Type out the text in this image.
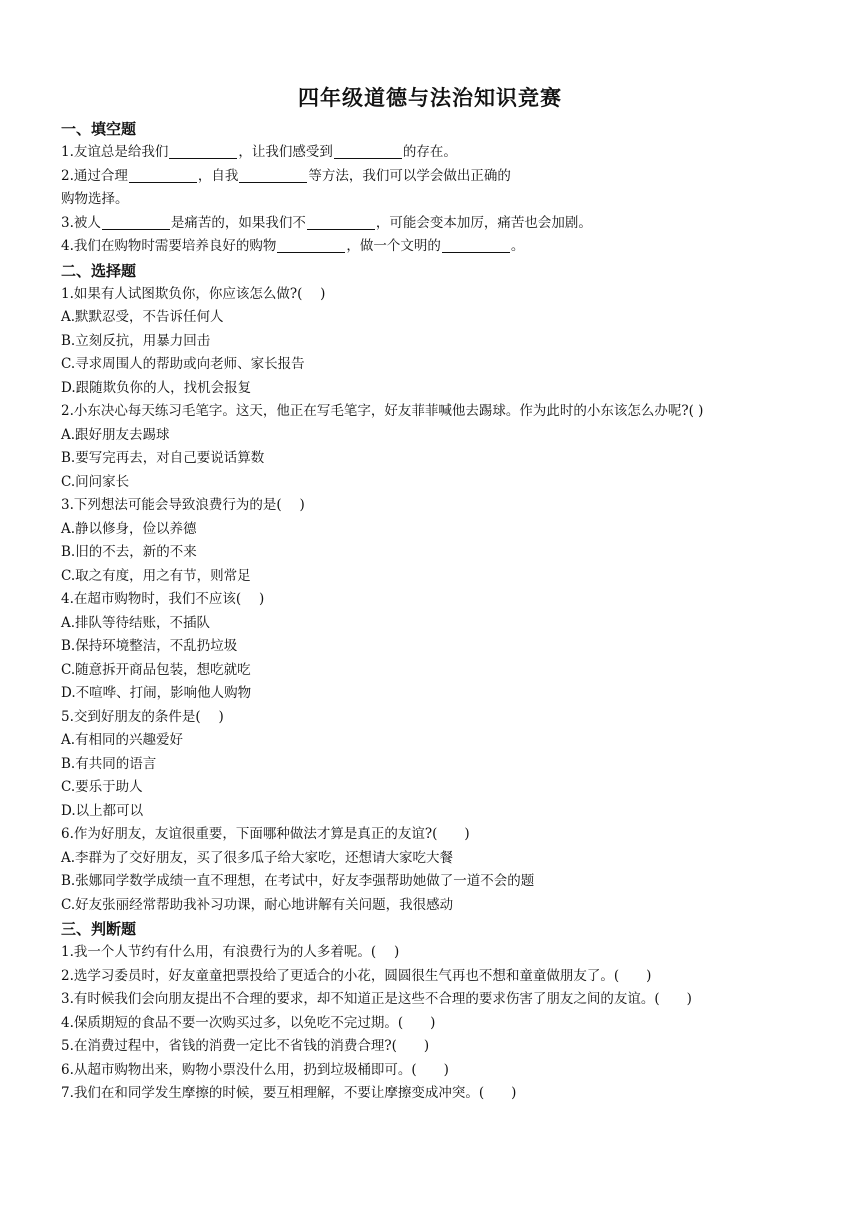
四年级道德与法治知识竞赛
一、填空题
1.友谊总是给我们	，让我们感受到	的存在。
2.通过合理	，自我	等方法，我们可以学会做出正确的
购物选择。
3.被人	是痛苦的，如果我们不	，可能会变本加厉，痛苦也会加剧。
4.我们在购物时需要培养良好的购物	，做一个文明的	。
二、选择题
1.如果有人试图欺负你，你应该怎么做?(　 )
A.默默忍受，不告诉任何人
B.立刻反抗，用暴力回击
C.寻求周围人的帮助或向老师、家长报告
D.跟随欺负你的人，找机会报复
2.小东决心每天练习毛笔字。这天，他正在写毛笔字，好友菲菲喊他去踢球。作为此时的小东该怎么办呢?( )
A.跟好朋友去踢球
B.要写完再去，对自己要说话算数
C.问问家长
3.下列想法可能会导致浪费行为的是(　 )
A.静以修身，俭以养德
B.旧的不去，新的不来
C.取之有度，用之有节，则常足
4.在超市购物时，我们不应该(　 )
A.排队等待结账，不插队
B.保持环境整洁，不乱扔垃圾
C.随意拆开商品包装，想吃就吃
D.不喧哗、打闹，影响他人购物
5.交到好朋友的条件是(　 )
A.有相同的兴趣爱好
B.有共同的语言
C.要乐于助人
D.以上都可以
6.作为好朋友，友谊很重要，下面哪种做法才算是真正的友谊?(　　)
A.李群为了交好朋友，买了很多瓜子给大家吃，还想请大家吃大餐
B.张娜同学数学成绩一直不理想，在考试中，好友李强帮助她做了一道不会的题
C.好友张丽经常帮助我补习功课，耐心地讲解有关问题，我很感动
三、判断题
1.我一个人节约有什么用，有浪费行为的人多着呢。(　 )
2.选学习委员时，好友童童把票投给了更适合的小花，圆圆很生气再也不想和童童做朋友了。(　　)
3.有时候我们会向朋友提出不合理的要求，却不知道正是这些不合理的要求伤害了朋友之间的友谊。(　　)
4.保质期短的食品不要一次购买过多，以免吃不完过期。(　　)
5.在消费过程中，省钱的消费一定比不省钱的消费合理?(　　)
6.从超市购物出来，购物小票没什么用，扔到垃圾桶即可。(　　)
7.我们在和同学发生摩擦的时候，要互相理解，不要让摩擦变成冲突。(　　)
